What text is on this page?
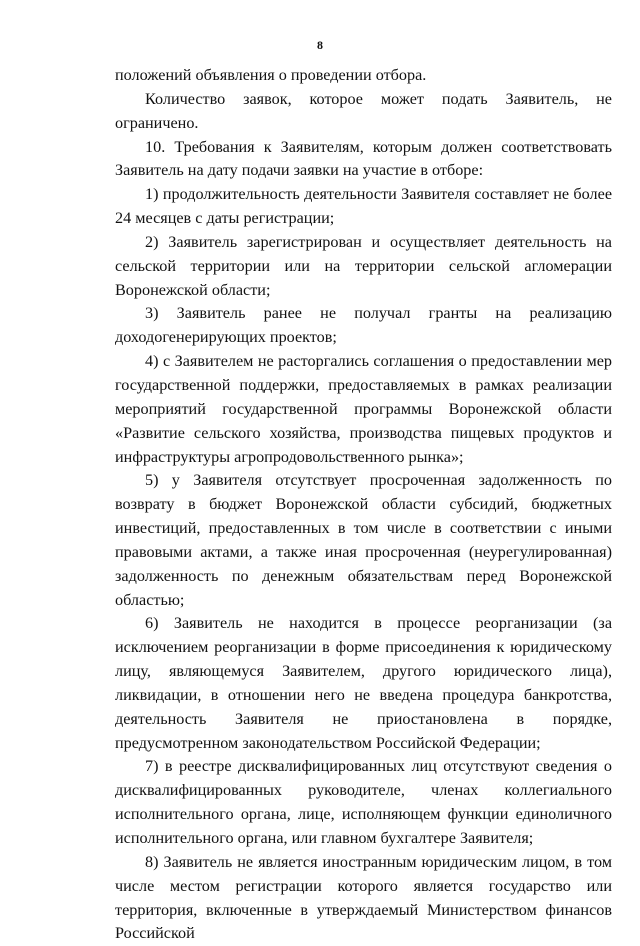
8

положений объявления о проведении отбора.

Количество заявок, которое может подать Заявитель, не ограничено.

10. Требования к Заявителям, которым должен соответствовать Заявитель на дату подачи заявки на участие в отборе:

1) продолжительность деятельности Заявителя составляет не более 24 месяцев с даты регистрации;

2) Заявитель зарегистрирован и осуществляет деятельность на сельской территории или на территории сельской агломерации Воронежской области;

3) Заявитель ранее не получал гранты на реализацию доходогенерирующих проектов;

4) с Заявителем не расторгались соглашения о предоставлении мер государственной поддержки, предоставляемых в рамках реализации мероприятий государственной программы Воронежской области «Развитие сельского хозяйства, производства пищевых продуктов и инфраструктуры агропродовольственного рынка»;

5) у Заявителя отсутствует просроченная задолженность по возврату в бюджет Воронежской области субсидий, бюджетных инвестиций, предоставленных в том числе в соответствии с иными правовыми актами, а также иная просроченная (неурегулированная) задолженность по денежным обязательствам перед Воронежской областью;

6) Заявитель не находится в процессе реорганизации (за исключением реорганизации в форме присоединения к юридическому лицу, являющемуся Заявителем, другого юридического лица), ликвидации, в отношении него не введена процедура банкротства, деятельность Заявителя не приостановлена в порядке, предусмотренном законодательством Российской Федерации;

7) в реестре дисквалифицированных лиц отсутствуют сведения о дисквалифицированных руководителе, членах коллегиального исполнительного органа, лице, исполняющем функции единоличного исполнительного органа, или главном бухгалтере Заявителя;

8) Заявитель не является иностранным юридическим лицом, в том числе местом регистрации которого является государство или территория, включенные в утверждаемый Министерством финансов Российской
